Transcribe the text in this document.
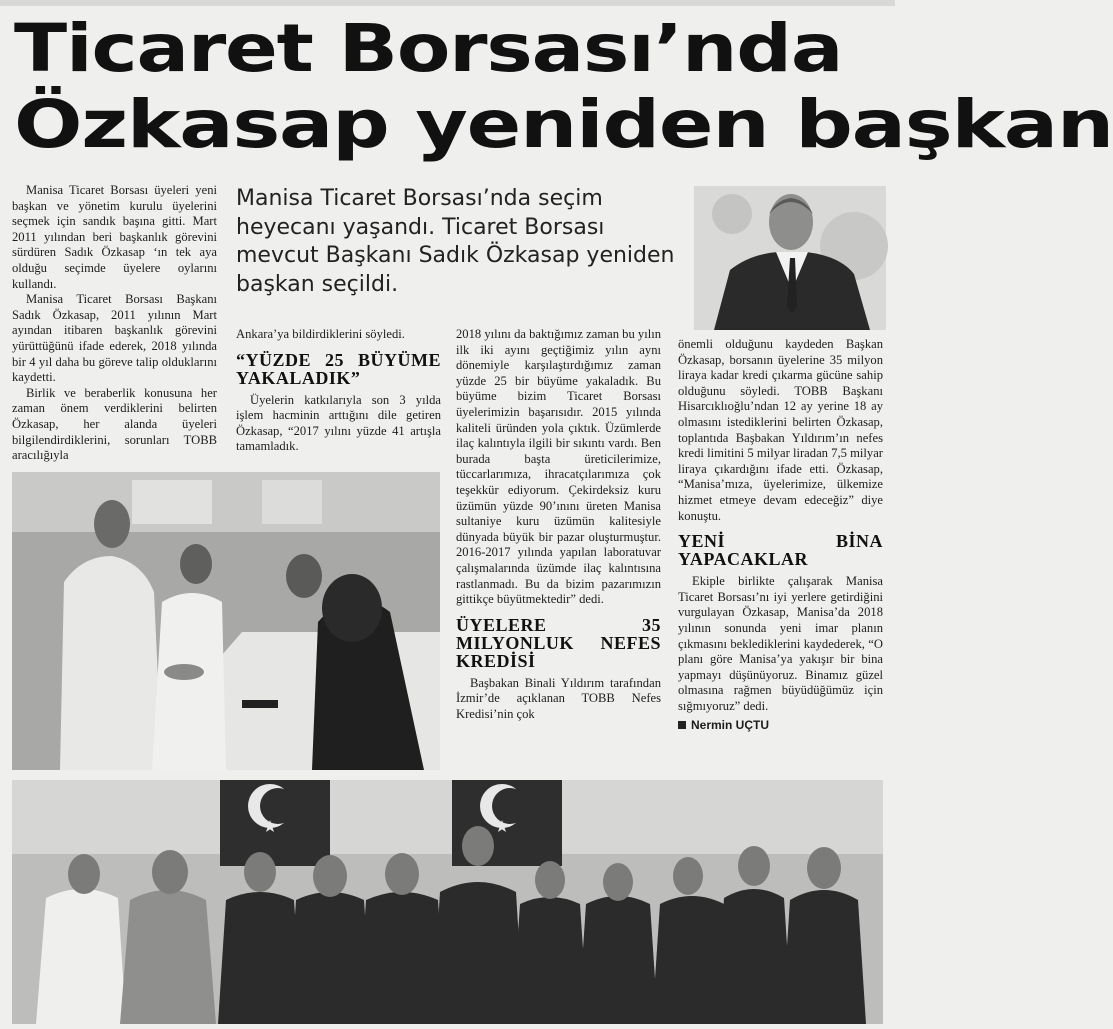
Ticaret Borsası’nda
Özkasap yeniden başkan

Manisa Ticaret Borsası üyeleri yeni başkan ve yönetim kurulu üyelerini seçmek için sandık başına gitti. Mart 2011 yılından beri başkanlık görevini sürdüren Sadık Özkasap ‘ın tek aya olduğu seçimde üyelere oylarını kullandı.

Manisa Ticaret Borsası Başkanı Sadık Özkasap, 2011 yılının Mart ayından itibaren başkanlık görevini yürüttüğünü ifade ederek, 2018 yılında bir 4 yıl daha bu göreve talip olduklarını kaydetti.

Birlik ve beraberlik konusuna her zaman önem verdiklerini belirten Özkasap, her alanda üyeleri bilgilendirdiklerini, sorunları TOBB aracılığıyla

Manisa Ticaret Borsası’nda seçim heyecanı yaşandı. Ticaret Borsası mevcut Başkanı Sadık Özkasap yeniden başkan seçildi.

Ankara’ya bildirdiklerini söyledi.

“YÜZDE 25 BÜYÜME YAKALADIK”

Üyelerin katkılarıyla son 3 yılda işlem hacminin arttığını dile getiren Özkasap, “2017 yılını yüzde 41 artışla tamamladık.

2018 yılını da baktığımız zaman bu yılın ilk iki ayını geçtiğimiz yılın aynı dönemiyle karşılaştırdığımız zaman yüzde 25 bir büyüme yakaladık. Bu büyüme bizim Ticaret Borsası üyelerimizin başarısıdır. 2015 yılında kaliteli üründen yola çıktık. Üzümlerde ilaç kalıntıyla ilgili bir sıkıntı vardı. Ben burada başta üreticilerimize, tüccarlarımıza, ihracatçılarımıza çok teşekkür ediyorum. Çekirdeksiz kuru üzümün yüzde 90’ınını üreten Manisa sultaniye kuru üzümün kalitesiyle dünyada büyük bir pazar oluşturmuştur. 2016-2017 yılında yapılan laboratuvar çalışmalarında üzümde ilaç kalıntısına rastlanmadı. Bu da bizim pazarımızın gittikçe büyütmektedir” dedi.

ÜYELERE 35 MILYONLUK NEFES KREDİSİ

Başbakan Binali Yıldırım tarafından İzmir’de açıklanan TOBB Nefes Kredisi’nin çok

önemli olduğunu kaydeden Başkan Özkasap, borsanın üyelerine 35 milyon liraya kadar kredi çıkarma gücüne sahip olduğunu söyledi. TOBB Başkanı Hisarcıklıoğlu’ndan 12 ay yerine 18 ay olmasını istediklerini belirten Özkasap, toplantıda Başbakan Yıldırım’ın nefes kredi limitini 5 milyar liradan 7,5 milyar liraya çıkardığını ifade etti. Özkasap, “Manisa’mıza, üyelerimize, ülkemize hizmet etmeye devam edeceğiz” diye konuştu.

YENİ BİNA YAPACAKLAR

Ekiple birlikte çalışarak Manisa Ticaret Borsası’nı iyi yerlere getirdiğini vurgulayan Özkasap, Manisa’da 2018 yılının sonunda yeni imar planın çıkmasını beklediklerini kaydederek, “O planı göre Manisa’ya yakışır bir bina yapmayı düşünüyoruz. Binamız güzel olmasına rağmen büyüdüğümüz için sığmıyoruz” dedi.

Nermin UÇTU
